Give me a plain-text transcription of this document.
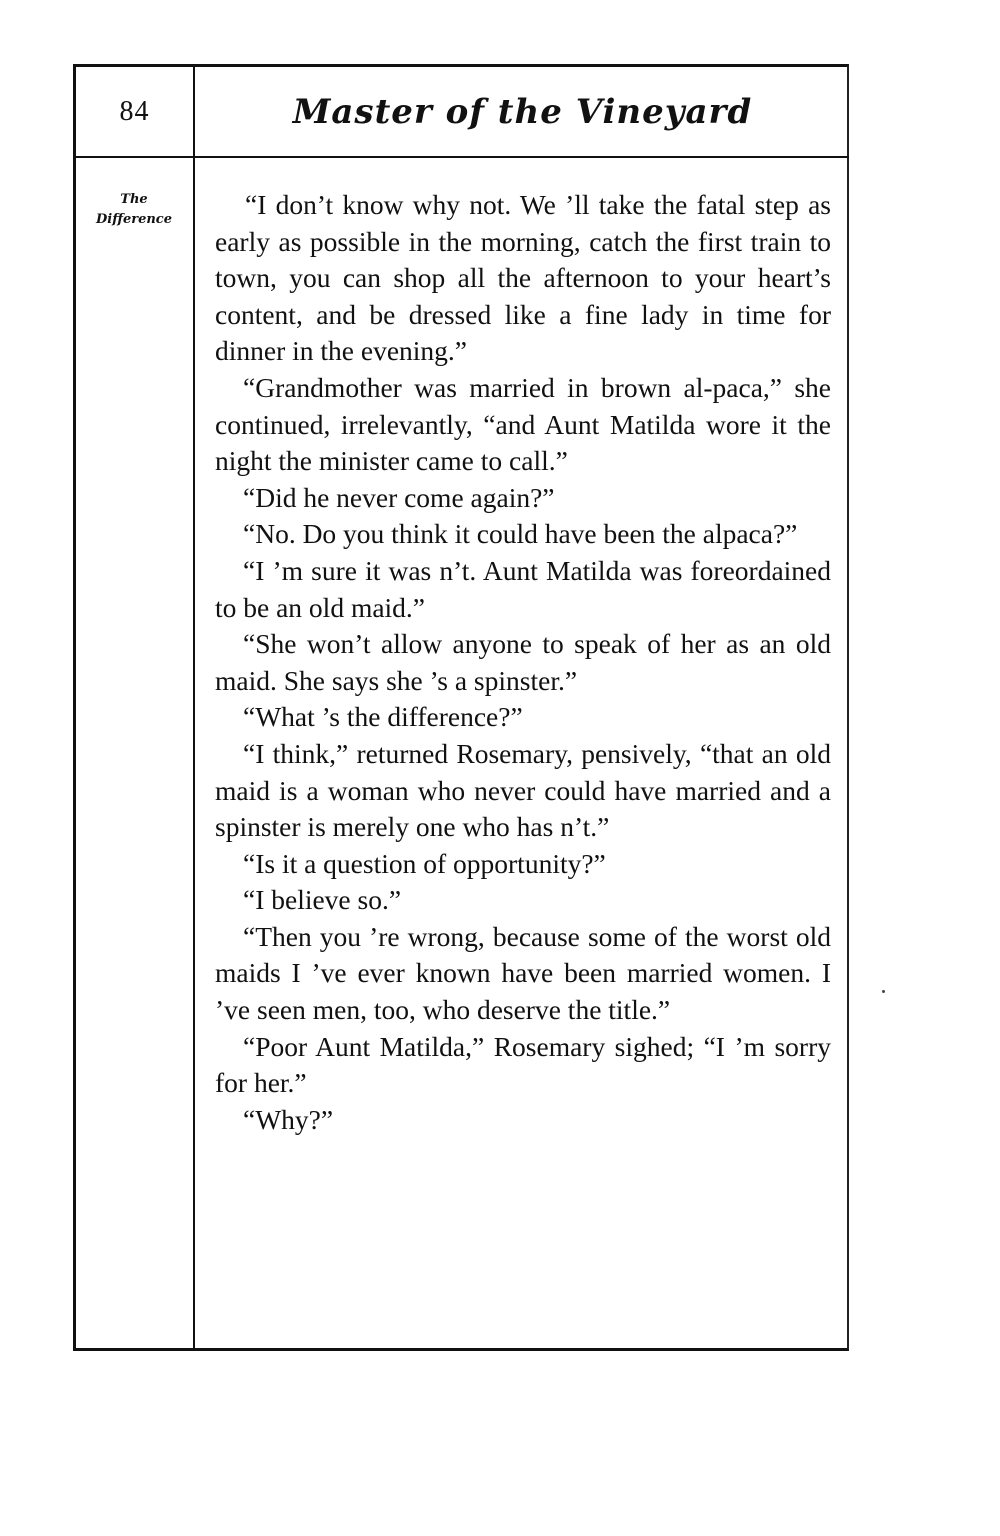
84	Master of the Vineyard
The
Difference	“I don’t know why not. We ’ll take the fatal step as early as possible in the morning, catch the first train to town, you can shop all the afternoon to your heart’s content, and be dressed like a fine lady in time for dinner in the evening.”

“Grandmother was married in brown al-paca,” she continued, irrelevantly, “and Aunt Matilda wore it the night the minister came to call.”

“Did he never come again?”

“No. Do you think it could have been the alpaca?”

“I ’m sure it was n’t. Aunt Matilda was foreordained to be an old maid.”

“She won’t allow anyone to speak of her as an old maid. She says she ’s a spinster.”

“What ’s the difference?”

“I think,” returned Rosemary, pensively, “that an old maid is a woman who never could have married and a spinster is merely one who has n’t.”

“Is it a question of opportunity?”

“I believe so.”

“Then you ’re wrong, because some of the worst old maids I ’ve ever known have been married women. I ’ve seen men, too, who deserve the title.”

“Poor Aunt Matilda,” Rosemary sighed; “I ’m sorry for her.”

“Why?”
